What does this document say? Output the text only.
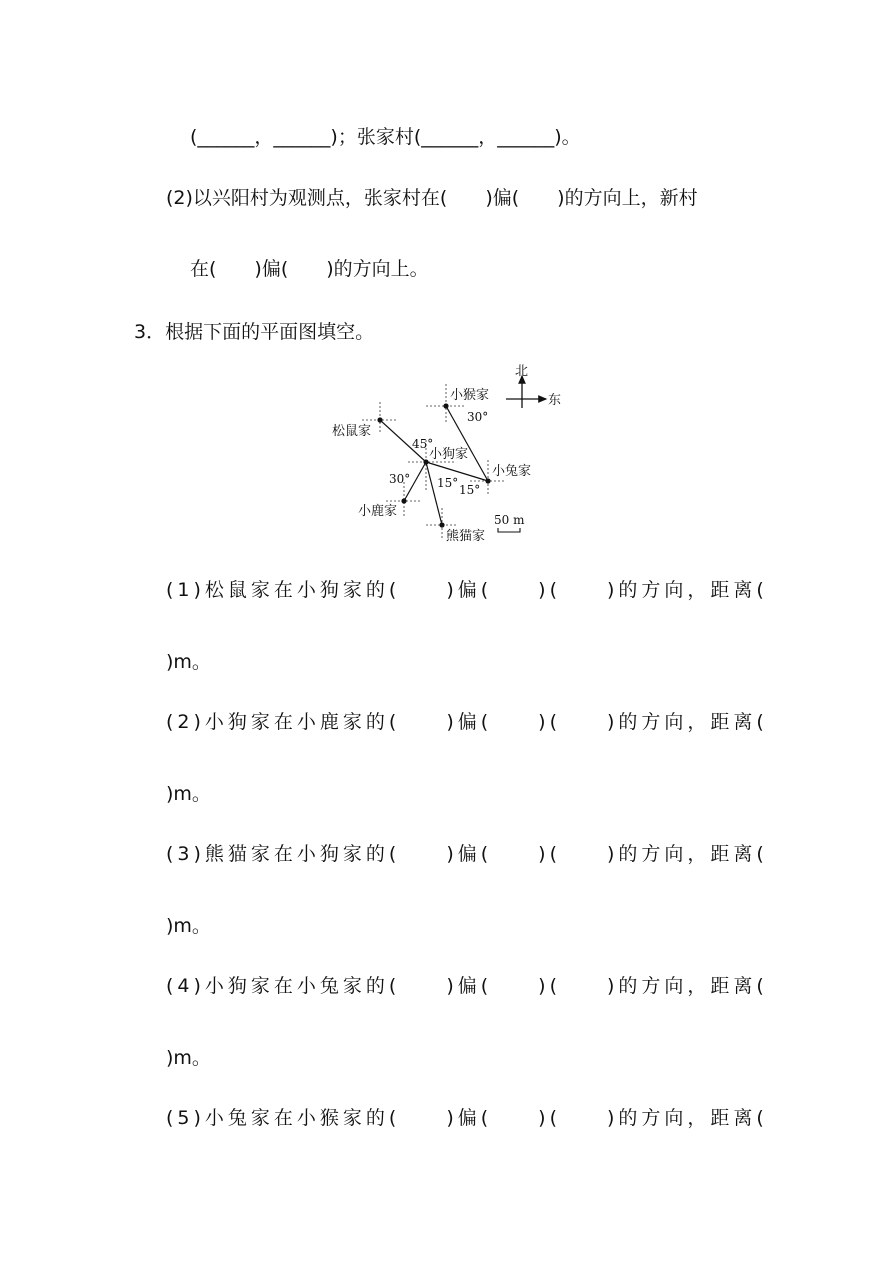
(______，______)；张家村(______，______)。
(2)以兴阳村为观测点，张家村在(　　)偏(　　)的方向上，新村
在(　　)偏(　　)的方向上。
3．根据下面的平面图填空。
北
东
小猴家
松鼠家
小狗家
小兔家
小鹿家
熊猫家
30°
45°
30° 15° 15°
50 m
(1)松鼠家在小狗家的(　　)偏(　　)(　　)的方向，距离(
)m。
(2)小狗家在小鹿家的(　　)偏(　　)(　　)的方向，距离(
)m。
(3)熊猫家在小狗家的(　　)偏(　　)(　　)的方向，距离(
)m。
(4)小狗家在小兔家的(　　)偏(　　)(　　)的方向，距离(
)m。
(5)小兔家在小猴家的(　　)偏(　　)(　　)的方向，距离(
